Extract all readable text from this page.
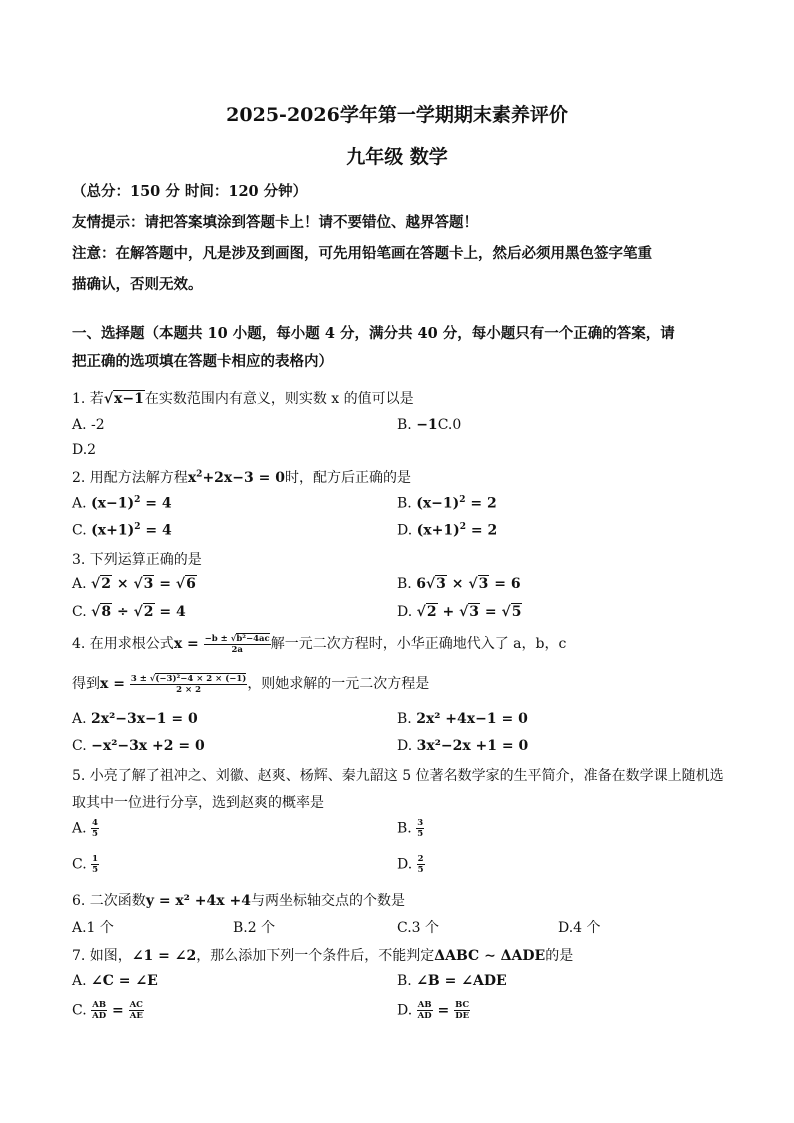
2025-2026学年第一学期期末素养评价
九年级 数学
（总分：150 分 时间：120 分钟）
友情提示：请把答案填涂到答题卡上！请不要错位、越界答题！
注意：在解答题中，凡是涉及到画图，可先用铅笔画在答题卡上，然后必须用黑色签字笔重
描确认，否则无效。
一、选择题（本题共 10 小题，每小题 4 分，满分共 40 分，每小题只有一个正确的答案，请
把正确的选项填在答题卡相应的表格内）
1. 若√x−1在实数范围内有意义，则实数 x 的值可以是
A. -2	B. −1C.0
D.2
2. 用配方法解方程$x^2+2x-3 = 0$时，配方后正确的是
A. $(x-1)^2 = 4$	B. $(x-1)^2 = 2$
C. $(x+1)^2 = 4$	D. $(x+1)^2 = 2$
3. 下列运算正确的是
A. √2 × √3 = √6	B. 6√3 × √3 = 6
C. √8 ÷ √2 = 4	D. √2 + √3 = √5
4. 在用求根公式$x = \frac{\text{−b ± √b²−4ac}}{2a}$ 解一元二次方程时，小华正确地代入了 a，b，c
得到$x = \frac{\text{3 ± √(−3)²−4 × 2 × (−1)}}{2 \times 2}$ ，则她求解的一元二次方程是
A. 2x²−3x−1 = 0	B. 2x² +4x−1 = 0
C. −x²−3x +2 = 0	D. 3x²−2x +1 = 0
5. 小亮了解了祖冲之、刘徽、赵爽、杨辉、秦九韶这 5 位著名数学家的生平简介，准备在数学课上随机选
取其中一位进行分享，选到赵爽的概率是
A. $\frac{4}{5}$	B. $\frac{3}{5}$
C. $\frac{1}{5}$	D. $\frac{2}{5}$
6. 二次函数y = x² +4x +4与两坐标轴交点的个数是
A.1 个	B.2 个	C.3 个	D.4 个
7. 如图，∠1 = ∠2，那么添加下列一个条件后，不能判定ΔABC ∼ ΔADE的是
A. ∠C = ∠E	B. ∠B = ∠ADE
C. $\frac{AB}{AD} = \frac{AC}{AE}$	D. $\frac{AB}{AD} = \frac{BC}{DE}$
